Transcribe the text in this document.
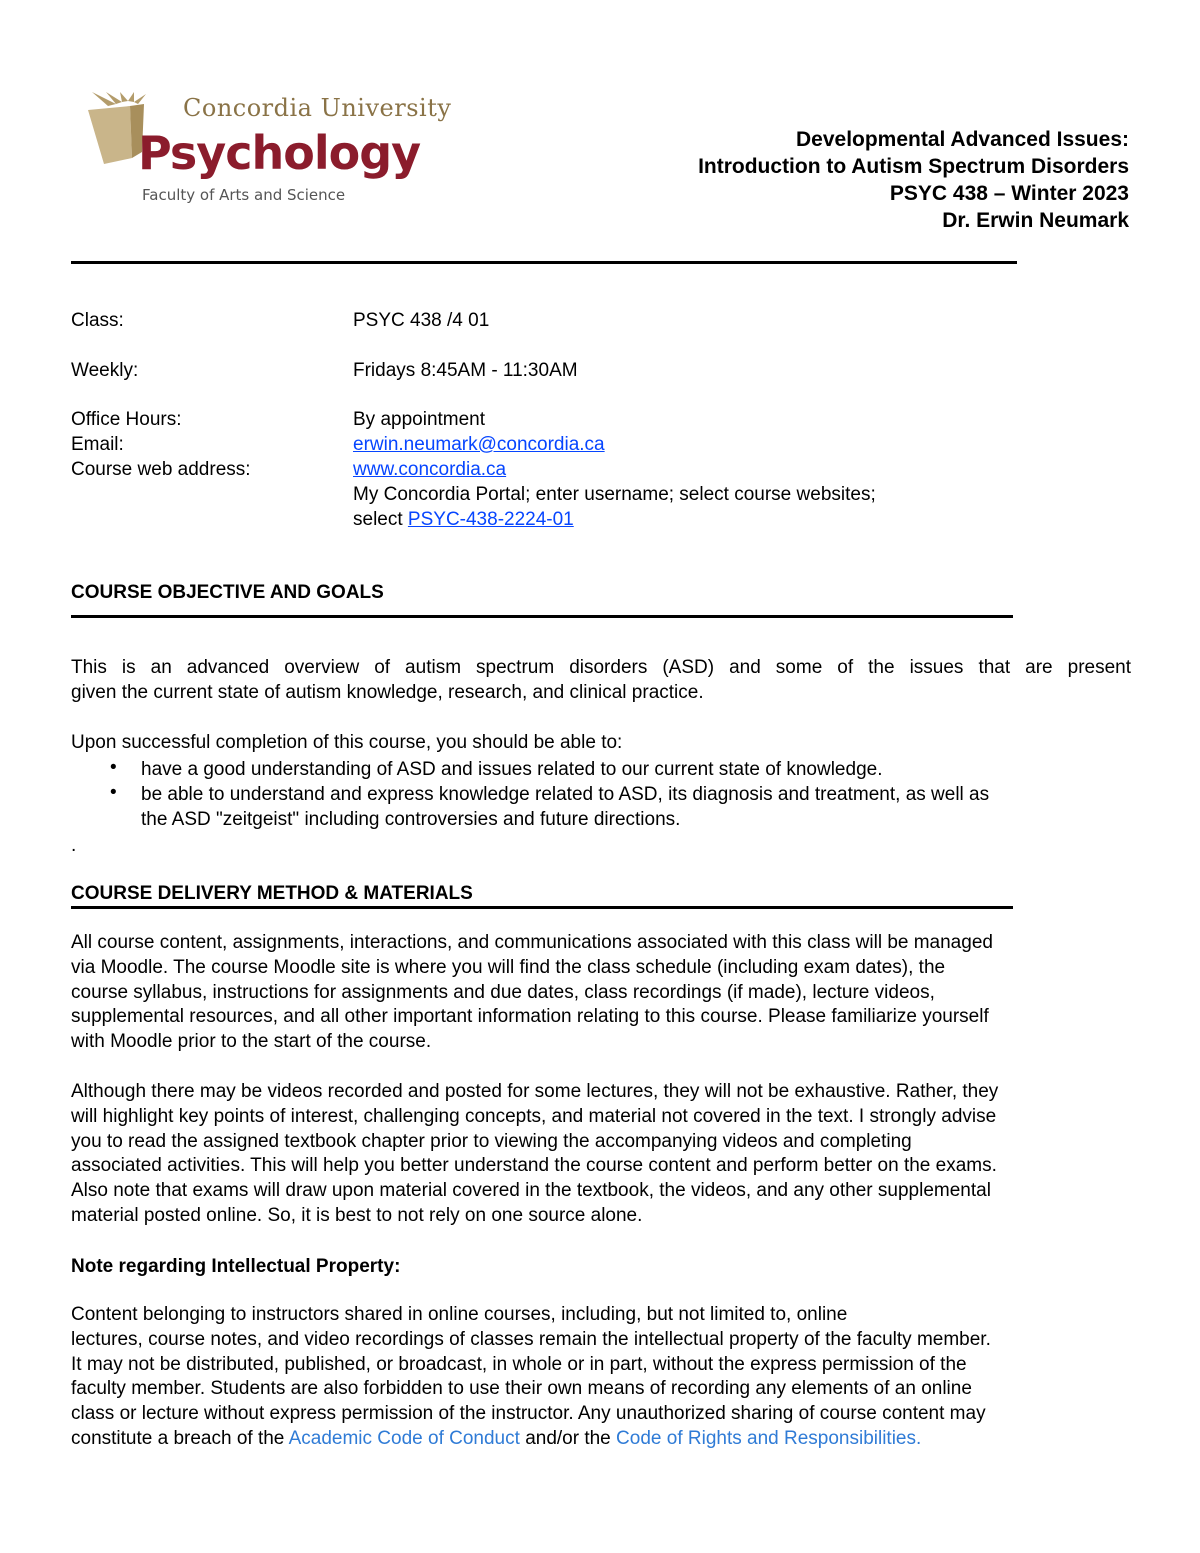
Concordia University
Psychology
Faculty of Arts and Science
Developmental Advanced Issues:
Introduction to Autism Spectrum Disorders
PSYC 438 – Winter 2023
Dr. Erwin Neumark
Class:	PSYC 438 /4 01
Weekly:	Fridays 8:45AM - 11:30AM
Office Hours:	By appointment
Email:	erwin.neumark@concordia.ca
Course web address:	www.concordia.ca
My Concordia Portal; enter username; select course websites;
select PSYC-438-2224-01
COURSE OBJECTIVE AND GOALS
This is an advanced overview of autism spectrum disorders (ASD) and some of the issues that are present
given the current state of autism knowledge, research, and clinical practice.
Upon successful completion of this course, you should be able to:
• have a good understanding of ASD and issues related to our current state of knowledge.
• be able to understand and express knowledge related to ASD, its diagnosis and treatment, as well as the ASD "zeitgeist" including controversies and future directions.
.
COURSE DELIVERY METHOD & MATERIALS
All course content, assignments, interactions, and communications associated with this class will be managed
via Moodle. The course Moodle site is where you will find the class schedule (including exam dates), the
course syllabus, instructions for assignments and due dates, class recordings (if made), lecture videos,
supplemental resources, and all other important information relating to this course. Please familiarize yourself
with Moodle prior to the start of the course.
Although there may be videos recorded and posted for some lectures, they will not be exhaustive. Rather, they
will highlight key points of interest, challenging concepts, and material not covered in the text. I strongly advise
you to read the assigned textbook chapter prior to viewing the accompanying videos and completing
associated activities. This will help you better understand the course content and perform better on the exams.
Also note that exams will draw upon material covered in the textbook, the videos, and any other supplemental
material posted online. So, it is best to not rely on one source alone.
Note regarding Intellectual Property:
Content belonging to instructors shared in online courses, including, but not limited to, online
lectures, course notes, and video recordings of classes remain the intellectual property of the faculty member.
It may not be distributed, published, or broadcast, in whole or in part, without the express permission of the
faculty member. Students are also forbidden to use their own means of recording any elements of an online
class or lecture without express permission of the instructor. Any unauthorized sharing of course content may
constitute a breach of the Academic Code of Conduct and/or the Code of Rights and Responsibilities.
